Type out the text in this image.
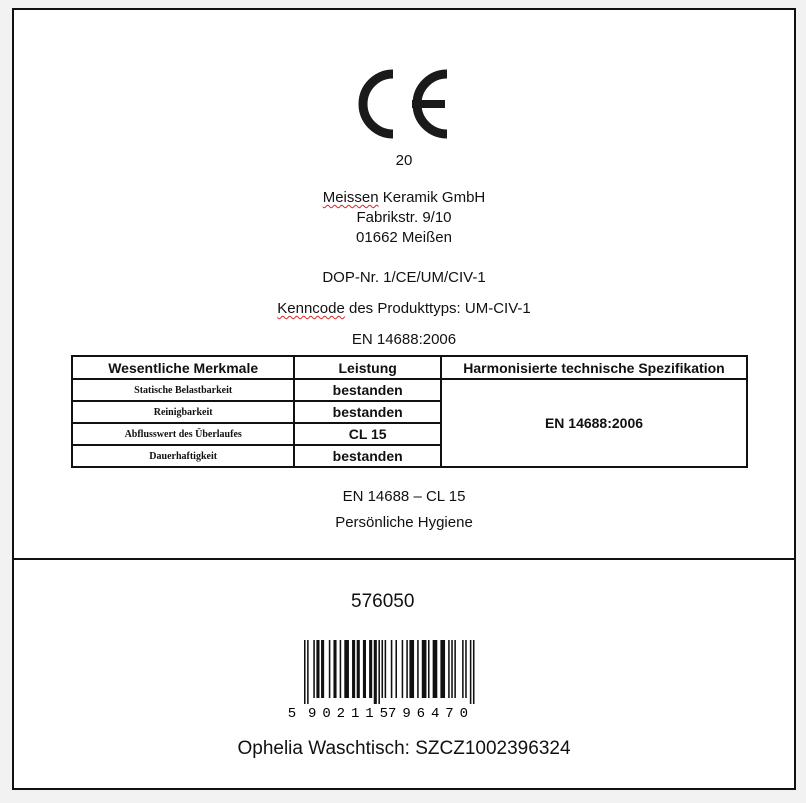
20
Meissen Keramik GmbH
Fabrikstr. 9/10
01662 Meißen
DOP-Nr. 1/CE/UM/CIV-1
Kenncode des Produkttyps: UM-CIV-1
EN 14688:2006
Wesentliche Merkmale	Leistung	Harmonisierte technische Spezifikation
Statische Belastbarkeit	bestanden	EN 14688:2006
Reinigbarkeit	bestanden	
Abflusswert des Überlaufes	CL 15	
Dauerhaftigkeit	bestanden	
EN 14688 – CL 15
Persönliche Hygiene
576050
5 902115 796470
Ophelia Waschtisch: SZCZ1002396324
